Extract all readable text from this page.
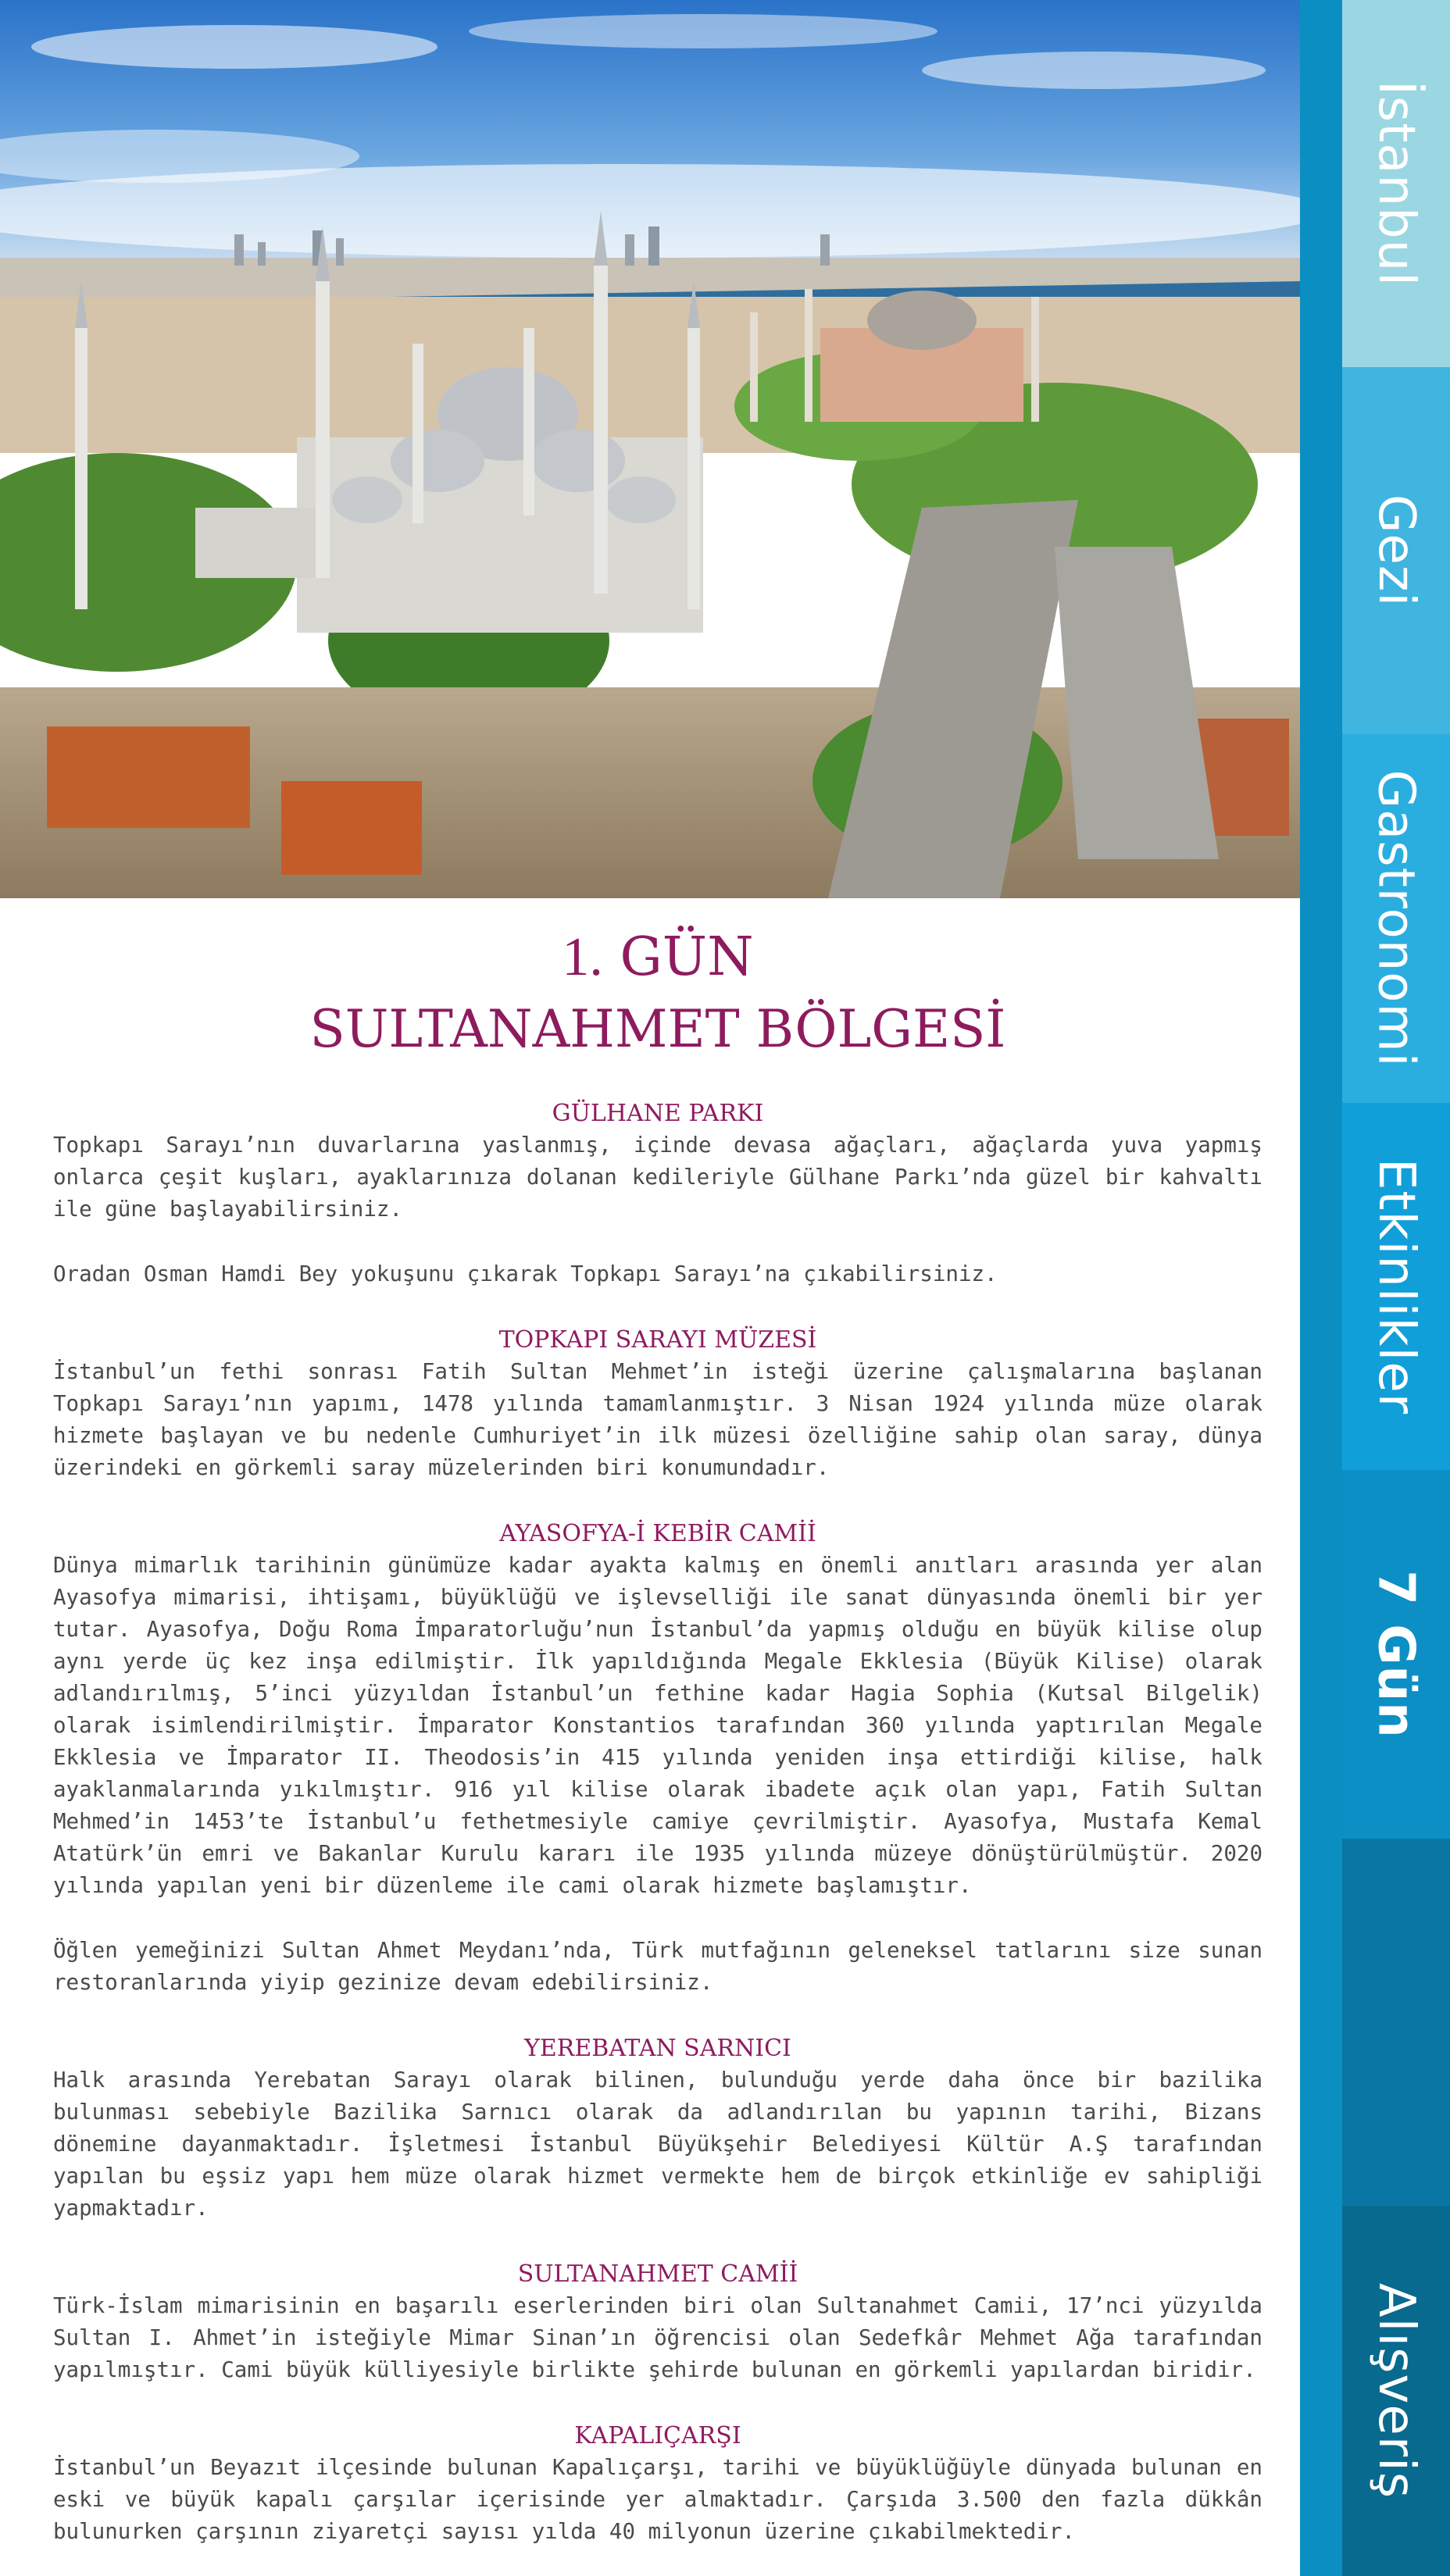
İstanbul
Gezi
Gastronomi
Etkinlikler
7 Gün
Alışveriş
1. GÜN
SULTANAHMET BÖLGESİ
GÜLHANE PARKI

Topkapı Sarayı’nın duvarlarına yaslanmış, içinde devasa ağaçları, ağaçlarda yuva yapmış onlarca çeşit kuşları, ayaklarınıza dolanan kedileriyle Gülhane Parkı’nda güzel bir kahvaltı ile güne başlayabilirsiniz.

Oradan Osman Hamdi Bey yokuşunu çıkarak Topkapı Sarayı’na çıkabilirsiniz.

TOPKAPI SARAYI MÜZESİ

İstanbul’un fethi sonrası Fatih Sultan Mehmet’in isteği üzerine çalışmalarına başlanan Topkapı Sarayı’nın yapımı, 1478 yılında tamamlanmıştır. 3 Nisan 1924 yılında müze olarak hizmete başlayan ve bu nedenle Cumhuriyet’in ilk müzesi özelliğine sahip olan saray, dünya üzerindeki en görkemli saray müzelerinden biri konumundadır.

AYASOFYA-İ KEBİR CAMİİ

Dünya mimarlık tarihinin günümüze kadar ayakta kalmış en önemli anıtları arasında yer alan Ayasofya mimarisi, ihtişamı, büyüklüğü ve işlevselliği ile sanat dünyasında önemli bir yer tutar. Ayasofya, Doğu Roma İmparatorluğu’nun İstanbul’da yapmış olduğu en büyük kilise olup aynı yerde üç kez inşa edilmiştir. İlk yapıldığında Megale Ekklesia (Büyük Kilise) olarak adlandırılmış, 5’inci yüzyıldan İstanbul’un fethine kadar Hagia Sophia (Kutsal Bilgelik) olarak isimlendirilmiştir. İmparator Konstantios tarafından 360 yılında yaptırılan Megale Ekklesia ve İmparator II. Theodosis’in 415 yılında yeniden inşa ettirdiği kilise, halk ayaklanmalarında yıkılmıştır. 916 yıl kilise olarak ibadete açık olan yapı, Fatih Sultan Mehmed’in 1453’te İstanbul’u fethetmesiyle camiye çevrilmiştir. Ayasofya, Mustafa Kemal Atatürk’ün emri ve Bakanlar Kurulu kararı ile 1935 yılında müzeye dönüştürülmüştür. 2020 yılında yapılan yeni bir düzenleme ile cami olarak hizmete başlamıştır.

Öğlen yemeğinizi Sultan Ahmet Meydanı’nda, Türk mutfağının geleneksel tatlarını size sunan restoranlarında yiyip gezinize devam edebilirsiniz.

YEREBATAN SARNICI

Halk arasında Yerebatan Sarayı olarak bilinen, bulunduğu yerde daha önce bir bazilika bulunması sebebiyle Bazilika Sarnıcı olarak da adlandırılan bu yapının tarihi, Bizans dönemine dayanmaktadır. İşletmesi İstanbul Büyükşehir Belediyesi Kültür A.Ş tarafından yapılan bu eşsiz yapı hem müze olarak hizmet vermekte hem de birçok etkinliğe ev sahipliği yapmaktadır.

SULTANAHMET CAMİİ

Türk-İslam mimarisinin en başarılı eserlerinden biri olan Sultanahmet Camii, 17’nci yüzyılda Sultan I. Ahmet’in isteğiyle Mimar Sinan’ın öğrencisi olan Sedefkâr Mehmet Ağa tarafından yapılmıştır. Cami büyük külliyesiyle birlikte şehirde bulunan en görkemli yapılardan biridir.

KAPALIÇARŞI

İstanbul’un Beyazıt ilçesinde bulunan Kapalıçarşı, tarihi ve büyüklüğüyle dünyada bulunan en eski ve büyük kapalı çarşılar içerisinde yer almaktadır. Çarşıda 3.500 den fazla dükkân bulunurken çarşının ziyaretçi sayısı yılda 40 milyonun üzerine çıkabilmektedir.
